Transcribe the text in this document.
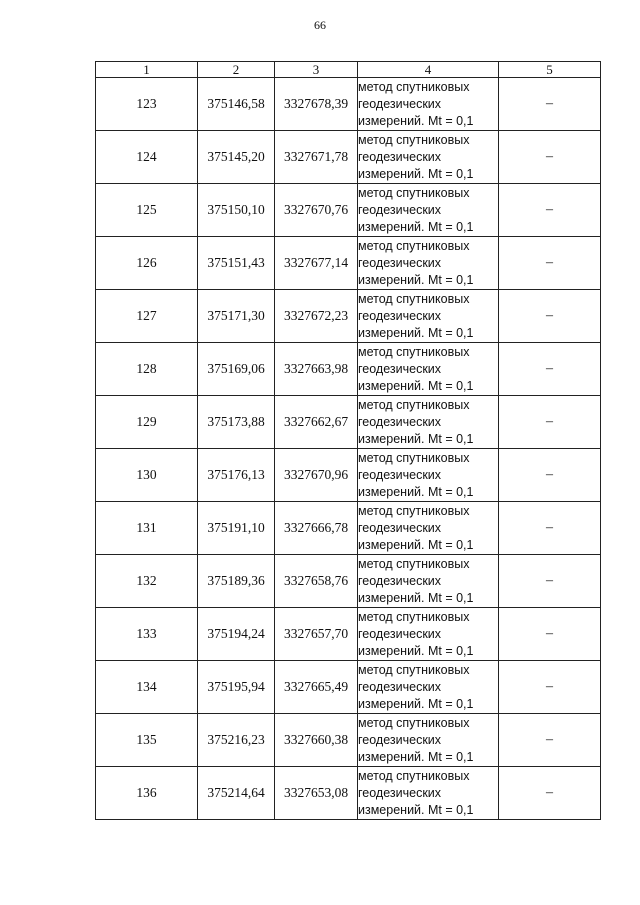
66
1	2	3	4	5
123	375146,58	3327678,39	метод спутниковых
геодезических
измерений. Mt = 0,1	–
124	375145,20	3327671,78	метод спутниковых
геодезических
измерений. Mt = 0,1	–
125	375150,10	3327670,76	метод спутниковых
геодезических
измерений. Mt = 0,1	–
126	375151,43	3327677,14	метод спутниковых
геодезических
измерений. Mt = 0,1	–
127	375171,30	3327672,23	метод спутниковых
геодезических
измерений. Mt = 0,1	–
128	375169,06	3327663,98	метод спутниковых
геодезических
измерений. Mt = 0,1	–
129	375173,88	3327662,67	метод спутниковых
геодезических
измерений. Mt = 0,1	–
130	375176,13	3327670,96	метод спутниковых
геодезических
измерений. Mt = 0,1	–
131	375191,10	3327666,78	метод спутниковых
геодезических
измерений. Mt = 0,1	–
132	375189,36	3327658,76	метод спутниковых
геодезических
измерений. Mt = 0,1	–
133	375194,24	3327657,70	метод спутниковых
геодезических
измерений. Mt = 0,1	–
134	375195,94	3327665,49	метод спутниковых
геодезических
измерений. Mt = 0,1	–
135	375216,23	3327660,38	метод спутниковых
геодезических
измерений. Mt = 0,1	–
136	375214,64	3327653,08	метод спутниковых
геодезических
измерений. Mt = 0,1	–
